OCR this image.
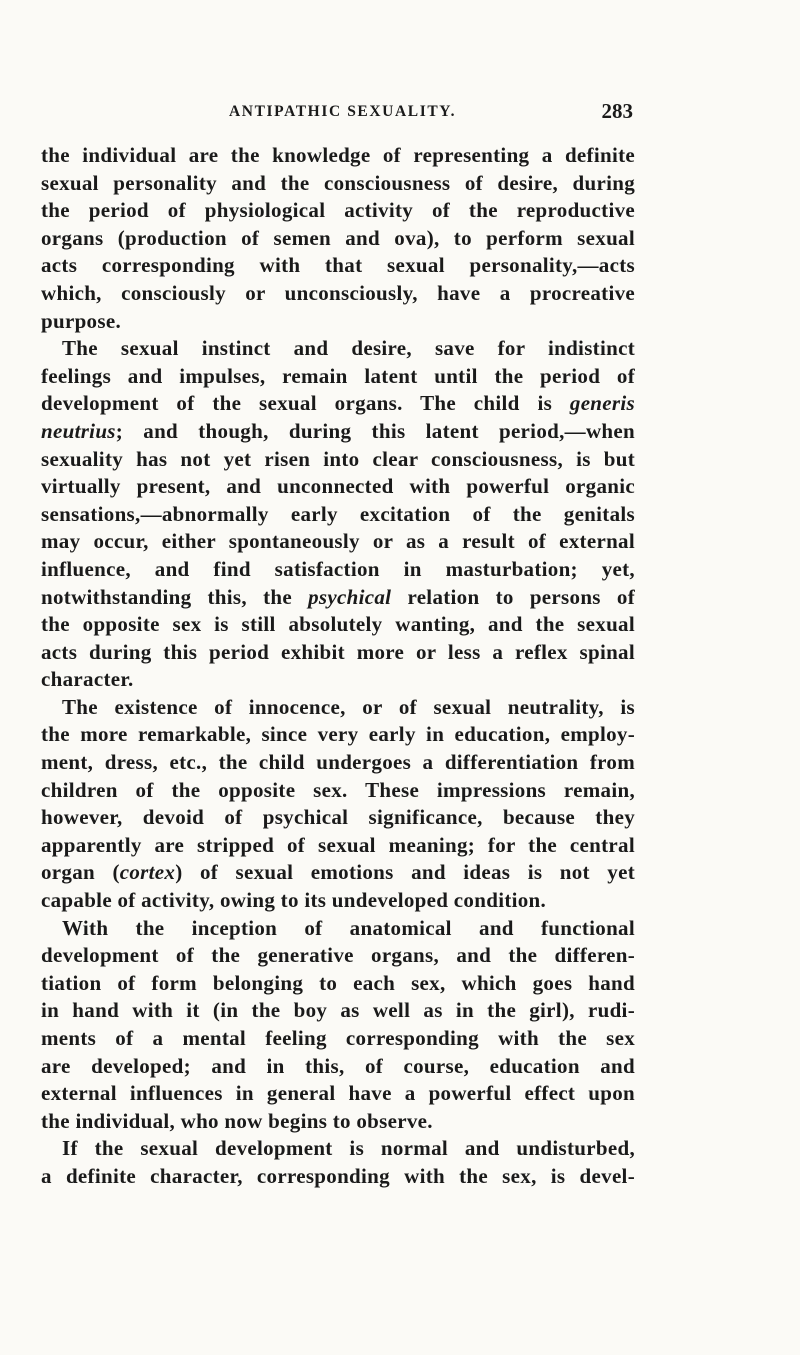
ANTIPATHIC SEXUALITY.	283
the individual are the knowledge of representing a definite
sexual personality and the consciousness of desire, during
the period of physiological activity of the reproductive
organs (production of semen and ova), to perform sexual
acts corresponding with that sexual personality,—acts
which, consciously or unconsciously, have a procreative
purpose.
The sexual instinct and desire, save for indistinct
feelings and impulses, remain latent until the period of
development of the sexual organs. The child is generis
neutrius; and though, during this latent period,—when
sexuality has not yet risen into clear consciousness, is but
virtually present, and unconnected with powerful organic
sensations,—abnormally early excitation of the genitals
may occur, either spontaneously or as a result of external
influence, and find satisfaction in masturbation; yet,
notwithstanding this, the psychical relation to persons of
the opposite sex is still absolutely wanting, and the sexual
acts during this period exhibit more or less a reflex spinal
character.
The existence of innocence, or of sexual neutrality, is
the more remarkable, since very early in education, employ-
ment, dress, etc., the child undergoes a differentiation from
children of the opposite sex. These impressions remain,
however, devoid of psychical significance, because they
apparently are stripped of sexual meaning; for the central
organ (cortex) of sexual emotions and ideas is not yet
capable of activity, owing to its undeveloped condition.
With the inception of anatomical and functional
development of the generative organs, and the differen-
tiation of form belonging to each sex, which goes hand
in hand with it (in the boy as well as in the girl), rudi-
ments of a mental feeling corresponding with the sex
are developed; and in this, of course, education and
external influences in general have a powerful effect upon
the individual, who now begins to observe.
If the sexual development is normal and undisturbed,
a definite character, corresponding with the sex, is devel-
